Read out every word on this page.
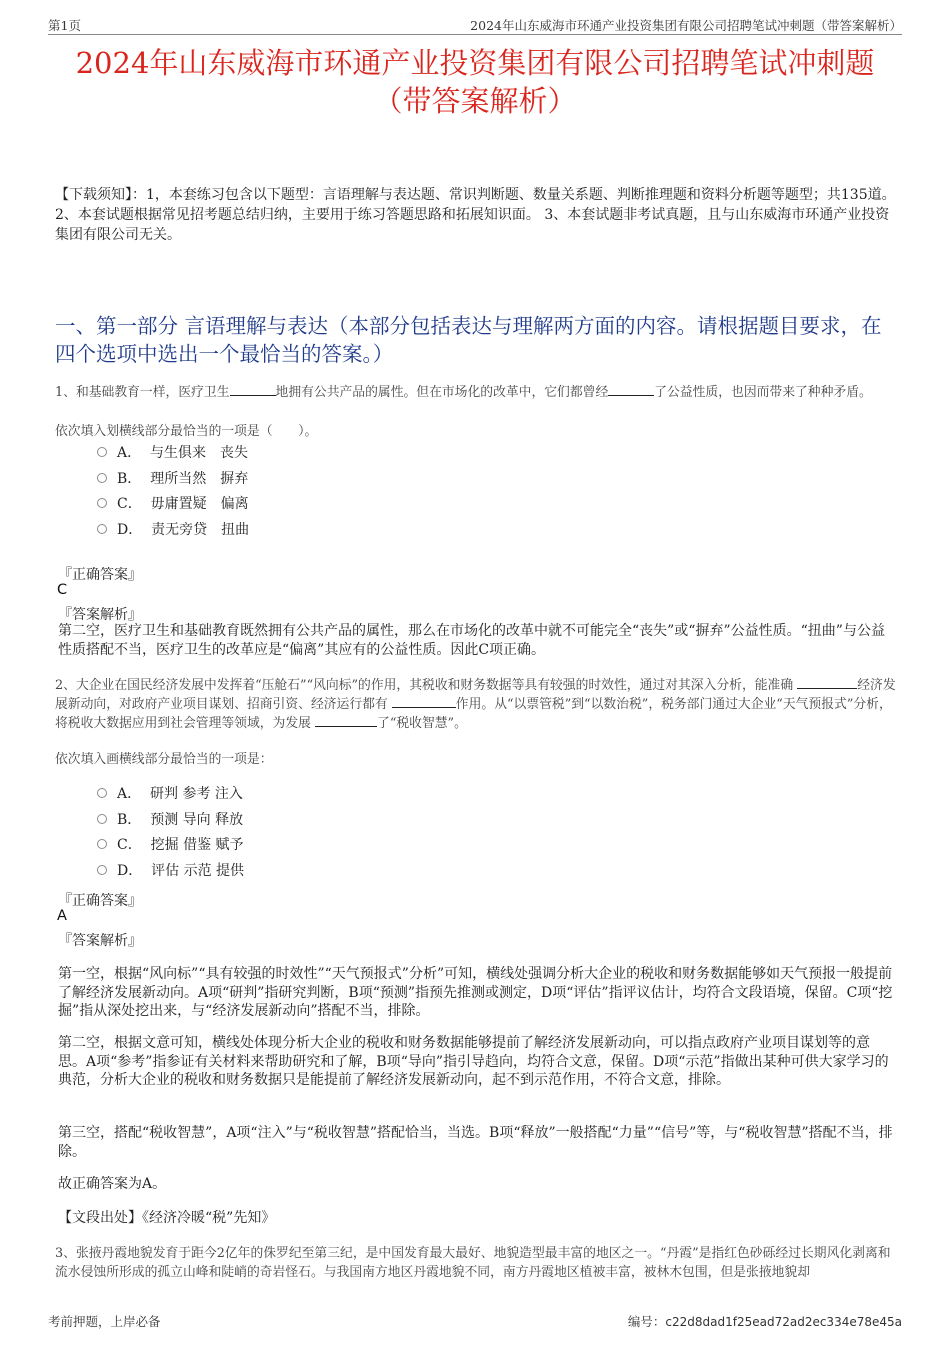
第1页	2024年山东威海市环通产业投资集团有限公司招聘笔试冲刺题（带答案解析）
2024年山东威海市环通产业投资集团有限公司招聘笔试冲刺题
（带答案解析）
【下载须知】：1，本套练习包含以下题型：言语理解与表达题、常识判断题、数量关系题、判断推理题和资料分析题等题型；共135道。 2、本套试题根据常见招考题总结归纳，主要用于练习答题思路和拓展知识面。 3、本套试题非考试真题，且与山东威海市环通产业投资集团有限公司无关。
一、第一部分 言语理解与表达（本部分包括表达与理解两方面的内容。请根据题目要求，在四个选项中选出一个最恰当的答案。）
1、和基础教育一样，医疗卫生	地拥有公共产品的属性。但在市场化的改革中，它们都曾经	了公益性质，也因而带来了种种矛盾。
依次填入划横线部分最恰当的一项是（　　）。
A． 与生俱来　丧失
B． 理所当然　摒弃
C． 毋庸置疑　偏离
D． 责无旁贷　扭曲
『正确答案』
C
『答案解析』
第二空，医疗卫生和基础教育既然拥有公共产品的属性，那么在市场化的改革中就不可能完全“丧失”或“摒弃”公益性质。“扭曲”与公益性质搭配不当，医疗卫生的改革应是“偏离”其应有的公益性质。因此C项正确。
2、大企业在国民经济发展中发挥着“压舱石”“风向标”的作用，其税收和财务数据等具有较强的时效性，通过对其深入分析，能准确	经济发展新动向，对政府产业项目谋划、招商引资、经济运行都有	作用。从“以票管税”到“以数治税”，税务部门通过大企业“天气预报式”分析，将税收大数据应用到社会管理等领域，为发展	了“税收智慧”。
依次填入画横线部分最恰当的一项是：
A． 研判 参考 注入
B． 预测 导向 释放
C． 挖掘 借鉴 赋予
D． 评估 示范 提供
『正确答案』
A
『答案解析』
第一空，根据“风向标”“具有较强的时效性”“天气预报式”分析”可知，横线处强调分析大企业的税收和财务数据能够如天气预报一般提前了解经济发展新动向。A项“研判”指研究判断，B项“预测”指预先推测或测定，D项“评估”指评议估计，均符合文段语境，保留。C项“挖掘”指从深处挖出来，与“经济发展新动向”搭配不当，排除。
第二空，根据文意可知，横线处体现分析大企业的税收和财务数据能够提前了解经济发展新动向，可以指点政府产业项目谋划等的意思。A项“参考”指参证有关材料来帮助研究和了解，B项“导向”指引导趋向，均符合文意，保留。D项“示范”指做出某种可供大家学习的典范，分析大企业的税收和财务数据只是能提前了解经济发展新动向，起不到示范作用，不符合文意，排除。
第三空，搭配“税收智慧”，A项“注入”与“税收智慧”搭配恰当，当选。B项“释放”一般搭配“力量”“信号”等，与“税收智慧”搭配不当，排除。
故正确答案为A。
【文段出处】《经济冷暖“税”先知》
3、张掖丹霞地貌发育于距今2亿年的侏罗纪至第三纪，是中国发育最大最好、地貌造型最丰富的地区之一。“丹霞”是指红色砂砾经过长期风化剥离和流水侵蚀所形成的孤立山峰和陡峭的奇岩怪石。与我国南方地区丹霞地貌不同，南方丹霞地区植被丰富，被林木包围，但是张掖地貌却
考前押题，上岸必备	编号：c22d8dad1f25ead72ad2ec334e78e45a
